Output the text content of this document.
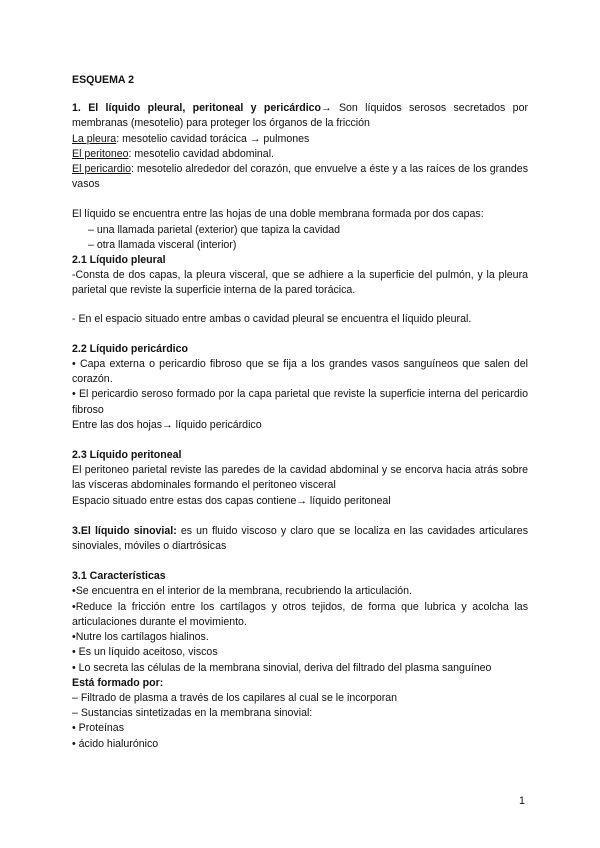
ESQUEMA 2

1. El líquido pleural, peritoneal y pericárdico→ Son líquidos serosos secretados por membranas (mesotelio) para proteger los órganos de la fricción

La pleura: mesotelio cavidad torácica → pulmones

El peritoneo: mesotelio cavidad abdominal.

El pericardio: mesotelio alrededor del corazón, que envuelve a éste y a las raíces de los grandes vasos

El líquido se encuentra entre las hojas de una doble membrana formada por dos capas:

– una llamada parietal (exterior) que tapiza la cavidad

– otra llamada visceral (interior)

2.1 Líquido pleural

-Consta de dos capas, la pleura visceral, que se adhiere a la superficie del pulmón, y la pleura parietal que reviste la superficie interna de la pared torácica.

- En el espacio situado entre ambas o cavidad pleural se encuentra el líquido pleural.

2.2 Líquido pericárdico

• Capa externa o pericardio fibroso que se fija a los grandes vasos sanguíneos que salen del corazón.

• El pericardio seroso formado por la capa parietal que reviste la superficie interna del pericardio fibroso

Entre las dos hojas→ líquido pericárdico

2.3 Líquido peritoneal

El peritoneo parietal reviste las paredes de la cavidad abdominal y se encorva hacia atrás sobre las vísceras abdominales formando el peritoneo visceral

Espacio situado entre estas dos capas contiene→ líquido peritoneal

3.El líquido sinovial: es un fluido viscoso y claro que se localiza en las cavidades articulares sinoviales, móviles o diartrósicas

3.1 Características

•Se encuentra en el interior de la membrana, recubriendo la articulación.

•Reduce la fricción entre los cartílagos y otros tejidos, de forma que lubrica y acolcha las articulaciones durante el movimiento.

•Nutre los cartílagos hialinos.

• Es un líquido aceitoso, viscos

• Lo secreta las células de la membrana sinovial, deriva del filtrado del plasma sanguíneo

Está formado por:

– Filtrado de plasma a través de los capilares al cual se le incorporan

– Sustancias sintetizadas en la membrana sinovial:

• Proteínas

• ácido hialurónico

1
